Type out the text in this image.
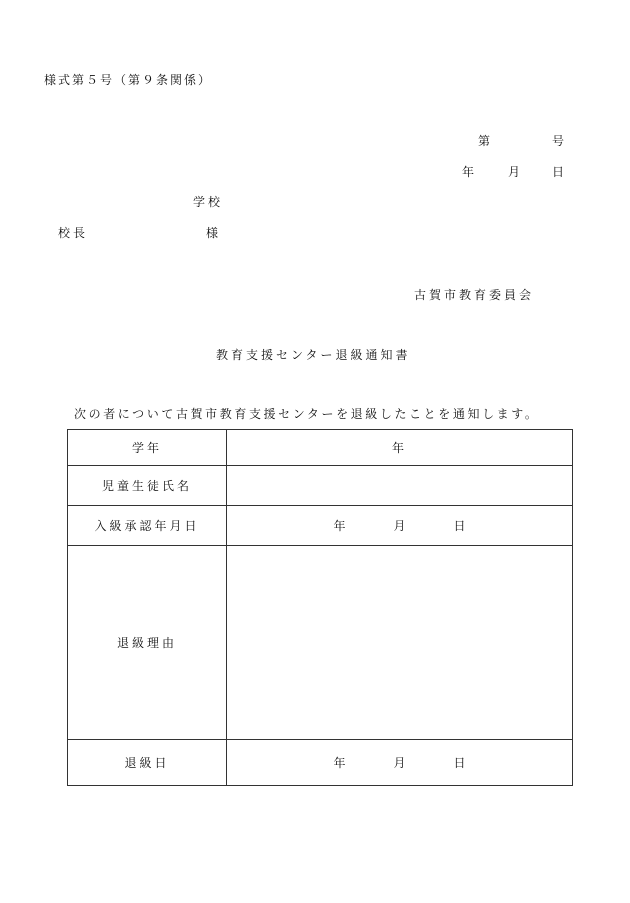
様式第５号（第９条関係）
第	号
年	月 日
学校
校長	様
古賀市教育委員会
教育支援センター退級通知書
次の者について古賀市教育支援センターを退級したことを通知します。
学年	年
児童生徒氏名	
入級承認年月日	年 月 日
退級理由	
退級日	年 月 日
